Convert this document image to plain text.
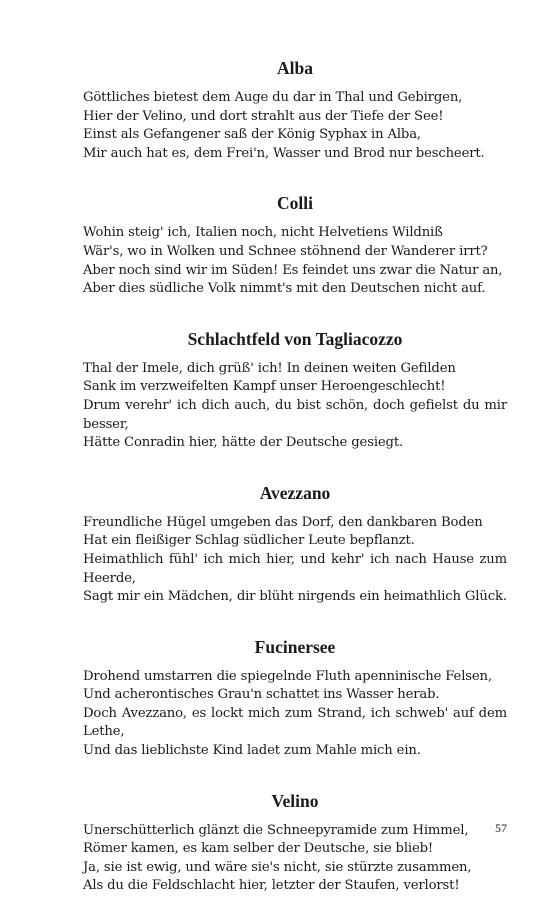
Alba
Göttliches bietest dem Auge du dar in Thal und Gebirgen,
Hier der Velino, und dort strahlt aus der Tiefe der See!
Einst als Gefangener saß der König Syphax in Alba,
Mir auch hat es, dem Frei'n, Wasser und Brod nur bescheert.
Colli
Wohin steig' ich, Italien noch, nicht Helvetiens Wildniß
Wär's, wo in Wolken und Schnee stöhnend der Wanderer irrt?
Aber noch sind wir im Süden! Es feindet uns zwar die Natur an,
Aber dies südliche Volk nimmt's mit den Deutschen nicht auf.
Schlachtfeld von Tagliacozzo
Thal der Imele, dich grüß' ich! In deinen weiten Gefilden
Sank im verzweifelten Kampf unser Heroengeschlecht!
Drum verehr' ich dich auch, du bist schön, doch gefielst du mir besser,
Hätte Conradin hier, hätte der Deutsche gesiegt.
Avezzano
Freundliche Hügel umgeben das Dorf, den dankbaren Boden
Hat ein fleißiger Schlag südlicher Leute bepflanzt.
Heimathlich fühl' ich mich hier, und kehr' ich nach Hause zum Heerde,
Sagt mir ein Mädchen, dir blüht nirgends ein heimathlich Glück.
Fucinersee
Drohend umstarren die spiegelnde Fluth apenninische Felsen,
Und acherontisches Grau'n schattet ins Wasser herab.
Doch Avezzano, es lockt mich zum Strand, ich schweb' auf dem Lethe,
Und das lieblichste Kind ladet zum Mahle mich ein.
Velino
Unerschütterlich glänzt die Schneepyramide zum Himmel,
Römer kamen, es kam selber der Deutsche, sie blieb!
Ja, sie ist ewig, und wäre sie's nicht, sie stürzte zusammen,
Als du die Feldschlacht hier, letzter der Staufen, verlorst!
57
